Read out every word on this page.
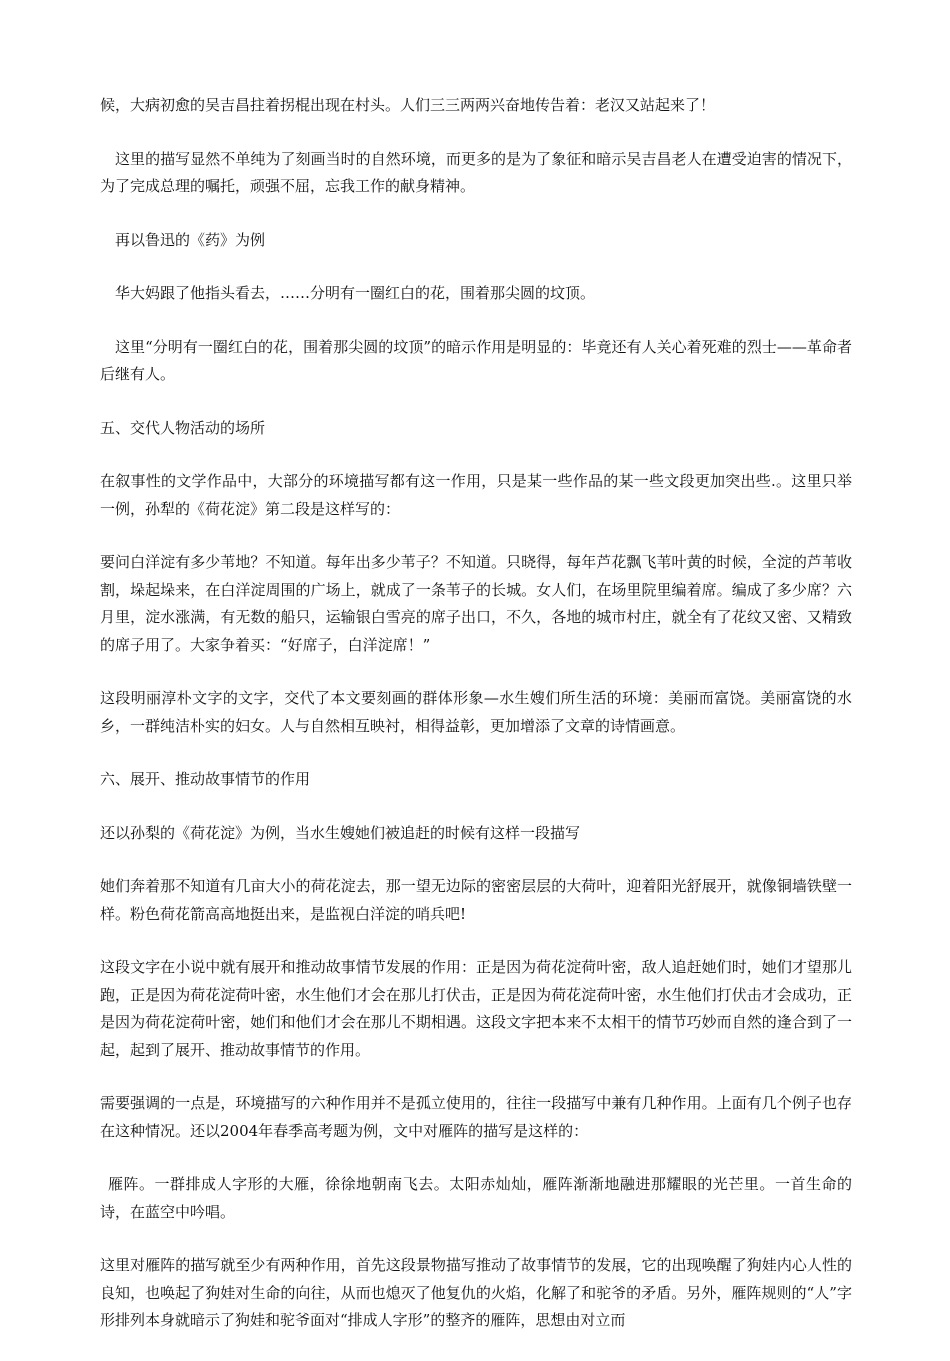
候，大病初愈的吴吉昌拄着拐棍出现在村头。人们三三两两兴奋地传告着：老汉又站起来了！

这里的描写显然不单纯为了刻画当时的自然环境，而更多的是为了象征和暗示吴吉昌老人在遭受迫害的情况下，为了完成总理的嘱托，顽强不屈，忘我工作的献身精神。

再以鲁迅的《药》为例

华大妈跟了他指头看去，……分明有一圈红白的花，围着那尖圆的坟顶。

这里“分明有一圈红白的花，围着那尖圆的坟顶”的暗示作用是明显的：毕竟还有人关心着死难的烈士——革命者后继有人。

五、交代人物活动的场所

在叙事性的文学作品中，大部分的环境描写都有这一作用，只是某一些作品的某一些文段更加突出些.。这里只举一例，孙犁的《荷花淀》第二段是这样写的：

要问白洋淀有多少苇地？不知道。每年出多少苇子？不知道。只晓得，每年芦花飘飞苇叶黄的时候，全淀的芦苇收割，垛起垛来，在白洋淀周围的广场上，就成了一条苇子的长城。女人们，在场里院里编着席。编成了多少席？六月里，淀水涨满，有无数的船只，运输银白雪亮的席子出口，不久，各地的城市村庄，就全有了花纹又密、又精致的席子用了。大家争着买：“好席子，白洋淀席！”

这段明丽淳朴文字的文字，交代了本文要刻画的群体形象—水生嫂们所生活的环境：美丽而富饶。美丽富饶的水乡，一群纯洁朴实的妇女。人与自然相互映衬，相得益彰，更加增添了文章的诗情画意。

六、展开、推动故事情节的作用

还以孙梨的《荷花淀》为例，当水生嫂她们被追赶的时候有这样一段描写

她们奔着那不知道有几亩大小的荷花淀去，那一望无边际的密密层层的大荷叶，迎着阳光舒展开，就像铜墙铁壁一样。粉色荷花箭高高地挺出来，是监视白洋淀的哨兵吧!

这段文字在小说中就有展开和推动故事情节发展的作用：正是因为荷花淀荷叶密，敌人追赶她们时，她们才望那儿跑，正是因为荷花淀荷叶密，水生他们才会在那儿打伏击，正是因为荷花淀荷叶密，水生他们打伏击才会成功，正是因为荷花淀荷叶密，她们和他们才会在那儿不期相遇。这段文字把本来不太相干的情节巧妙而自然的逢合到了一起，起到了展开、推动故事情节的作用。

需要强调的一点是，环境描写的六种作用并不是孤立使用的，往往一段描写中兼有几种作用。上面有几个例子也存在这种情况。还以2004年春季高考题为例，文中对雁阵的描写是这样的：

雁阵。一群排成人字形的大雁，徐徐地朝南飞去。太阳赤灿灿，雁阵渐渐地融进那耀眼的光芒里。一首生命的诗，在蓝空中吟唱。

这里对雁阵的描写就至少有两种作用，首先这段景物描写推动了故事情节的发展，它的出现唤醒了狗娃内心人性的良知，也唤起了狗娃对生命的向往，从而也熄灭了他复仇的火焰，化解了和驼爷的矛盾。另外，雁阵规则的“人”字形排列本身就暗示了狗娃和驼爷面对“排成人字形”的整齐的雁阵，思想由对立而
